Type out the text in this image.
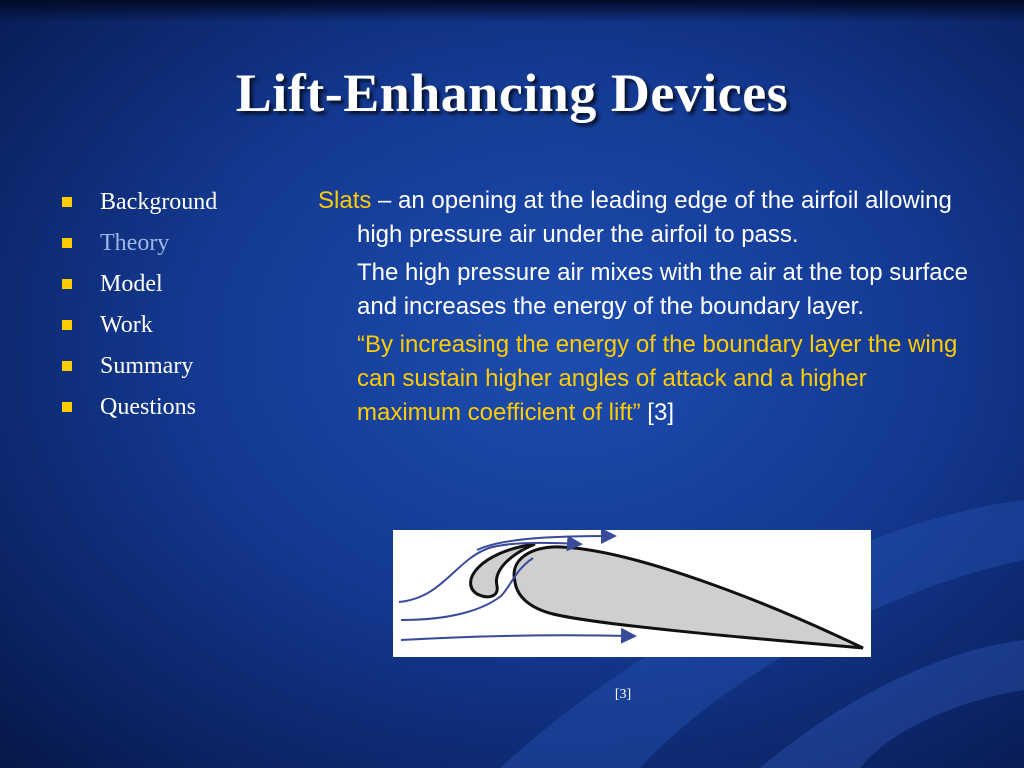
Lift-Enhancing Devices
Background
Theory
Model
Work
Summary
Questions

Slats – an opening at the leading edge of the airfoil allowing high pressure air under the airfoil to pass.

The high pressure air mixes with the air at the top surface and increases the energy of the boundary layer.

“By increasing the energy of the boundary layer the wing can sustain higher angles of attack and a higher maximum coefficient of lift” [3]

[3]
